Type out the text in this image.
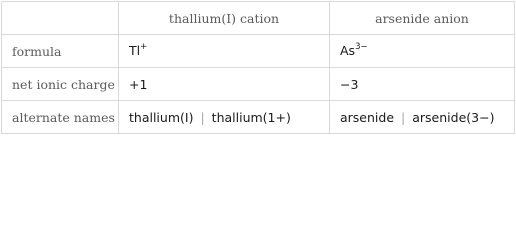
	thallium(I) cation	arsenide anion
formula	Tl+	$As^{3-}$
net ionic charge	+1	−3
alternate names	thallium(I) | thallium(1+)	arsenide | arsenide(3−)
